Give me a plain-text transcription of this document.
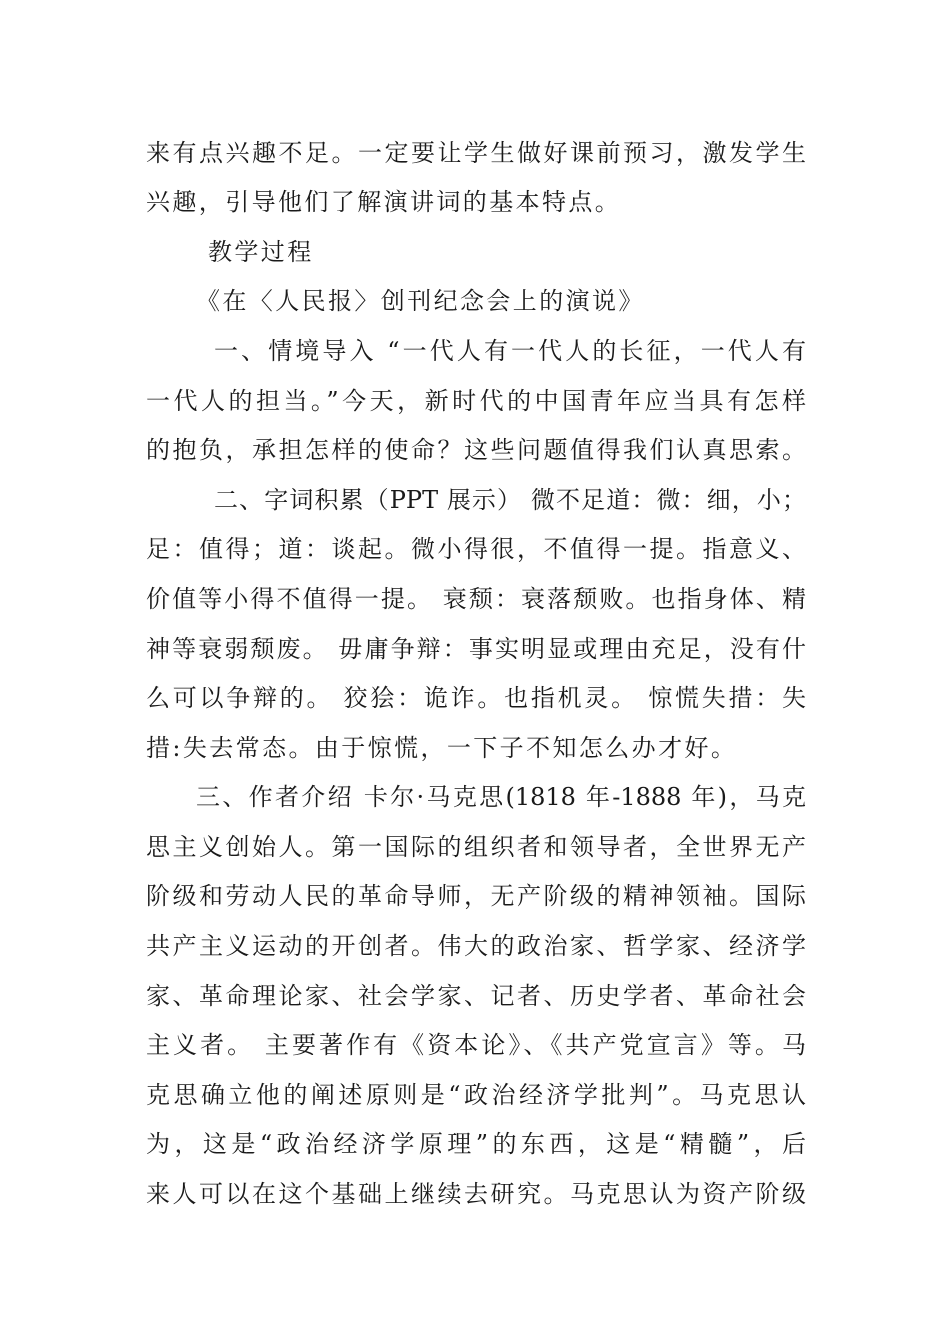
来有点兴趣不足。一定要让学生做好课前预习，激发学生
兴趣，引导他们了解演讲词的基本特点。
教学过程
《在〈人民报〉创刊纪念会上的演说》
一、情境导入 “一代人有一代人的长征，一代人有
一代人的担当。”今天，新时代的中国青年应当具有怎样
的抱负，承担怎样的使命？这些问题值得我们认真思索。
二、字词积累（PPT 展示） 微不足道：微：细，小；
足：值得；道：谈起。微小得很，不值得一提。指意义、
价值等小得不值得一提。 衰颓：衰落颓败。也指身体、精
神等衰弱颓废。 毋庸争辩：事实明显或理由充足，没有什
么可以争辩的。 狡狯：诡诈。也指机灵。 惊慌失措：失
措:失去常态。由于惊慌，一下子不知怎么办才好。
三、作者介绍 卡尔·马克思(1818 年-1888 年)，马克
思主义创始人。第一国际的组织者和领导者，全世界无产
阶级和劳动人民的革命导师，无产阶级的精神领袖。国际
共产主义运动的开创者。伟大的政治家、哲学家、经济学
家、革命理论家、社会学家、记者、历史学者、革命社会
主义者。 主要著作有《资本论》、《共产党宣言》等。马
克思确立他的阐述原则是“政治经济学批判”。马克思认
为，这是“政治经济学原理”的东西，这是“精髓”，后
来人可以在这个基础上继续去研究。马克思认为资产阶级
